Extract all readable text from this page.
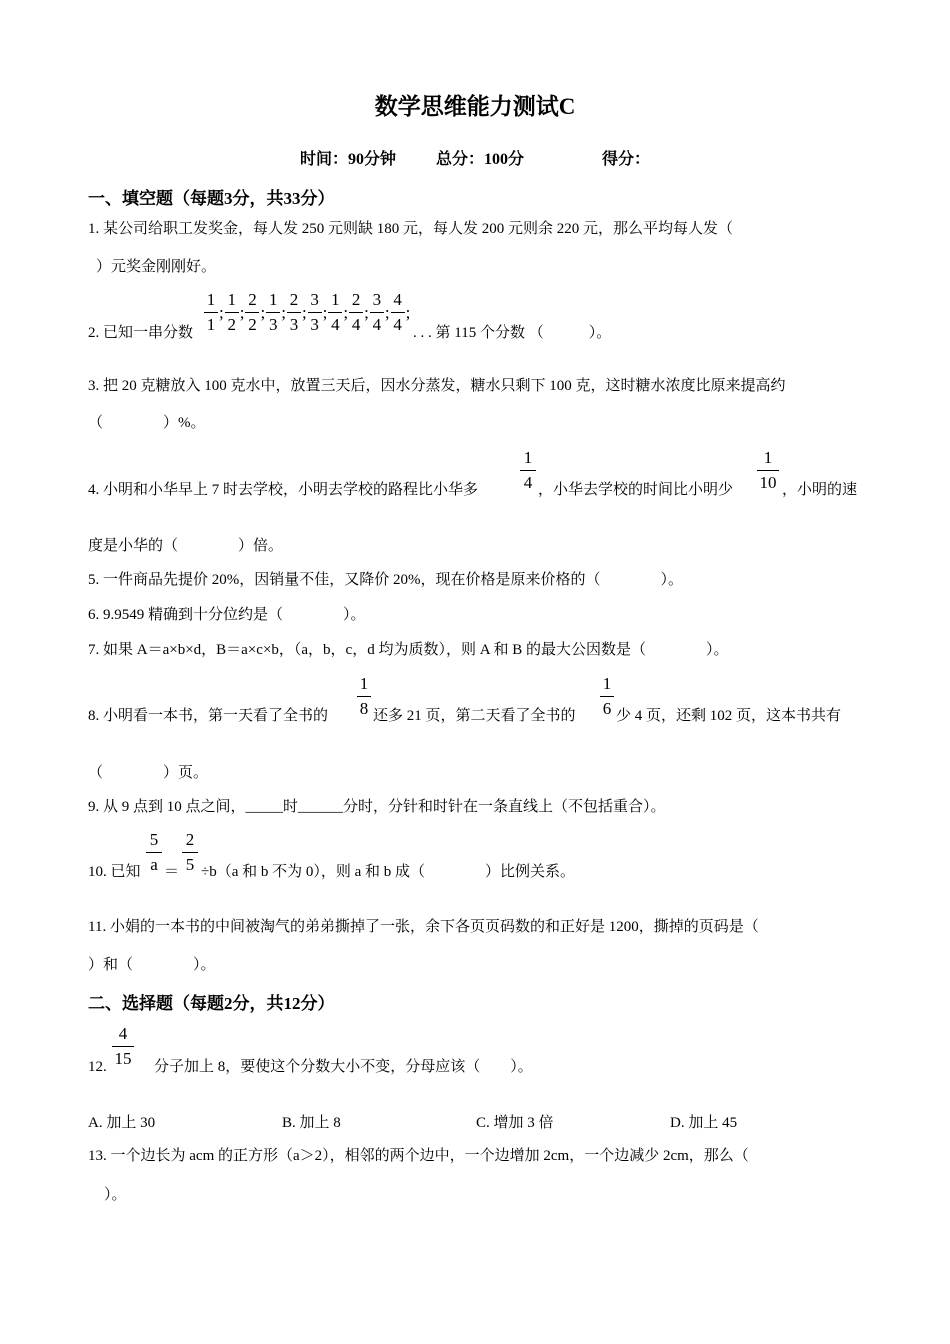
数学思维能力测试C
时间：90分钟	总分：100分	得分：
一、填空题（每题3分，共33分）
1. 某公司给职工发奖金，每人发 250 元则缺 180 元，每人发 200 元则余 220 元，那么平均每人发（
）元奖金刚刚好。
2. 已知一串分数 $\frac{1}{1}$ ; $\frac{1}{2}$ ; $\frac{2}{2}$ ; $\frac{1}{3}$ ; $\frac{2}{3}$ ; $\frac{3}{3}$ ; $\frac{1}{4}$ ; $\frac{2}{4}$ ; $\frac{3}{4}$ ; $\frac{4}{4}$ ;
. . . 第 115 个分数 （　　　）。
3. 把 20 克糖放入 100 克水中，放置三天后，因水分蒸发，糖水只剩下 100 克，这时糖水浓度比原来提高约
（　　　　）%。
4. 小明和小华早上 7 时去学校，小明去学校的路程比小华多
1
4 ，小华去学校的时间比小明少
1
10 ，小明的速
度是小华的（　　　　）倍。
5. 一件商品先提价 20%，因销量不佳，又降价 20%，现在价格是原来价格的（　　　　）。
6. 9.9549 精确到十分位约是（　　　　）。
7. 如果 A＝a×b×d，B＝a×c×b，（a，b，c，d 均为质数），则 A 和 B 的最大公因数是（　　　　）。
8. 小明看一本书，第一天看了全书的
1
8 还多 21 页，第二天看了全书的
1
6 少 4 页，还剩 102 页，这本书共有
（　　　　）页。
9. 从 9 点到 10 点之间，_____时______分时，分针和时针在一条直线上（不包括重合）。
10. 已知
5
a ＝
2
5 ÷b（a 和 b 不为 0），则 a 和 b 成（　　　　）比例关系。
11. 小娟的一本书的中间被淘气的弟弟撕掉了一张，余下各页页码数的和正好是 1200，撕掉的页码是（
）和（　　　　）。
二、选择题（每题2分，共12分）
12.
4
15 分子加上 8，要使这个分数大小不变，分母应该（　　）。
A. 加上 30	B. 加上 8	C. 增加 3 倍	D. 加上 45
13. 一个边长为 acm 的正方形（a＞2），相邻的两个边中，一个边增加 2cm，一个边减少 2cm，那么（
）。
